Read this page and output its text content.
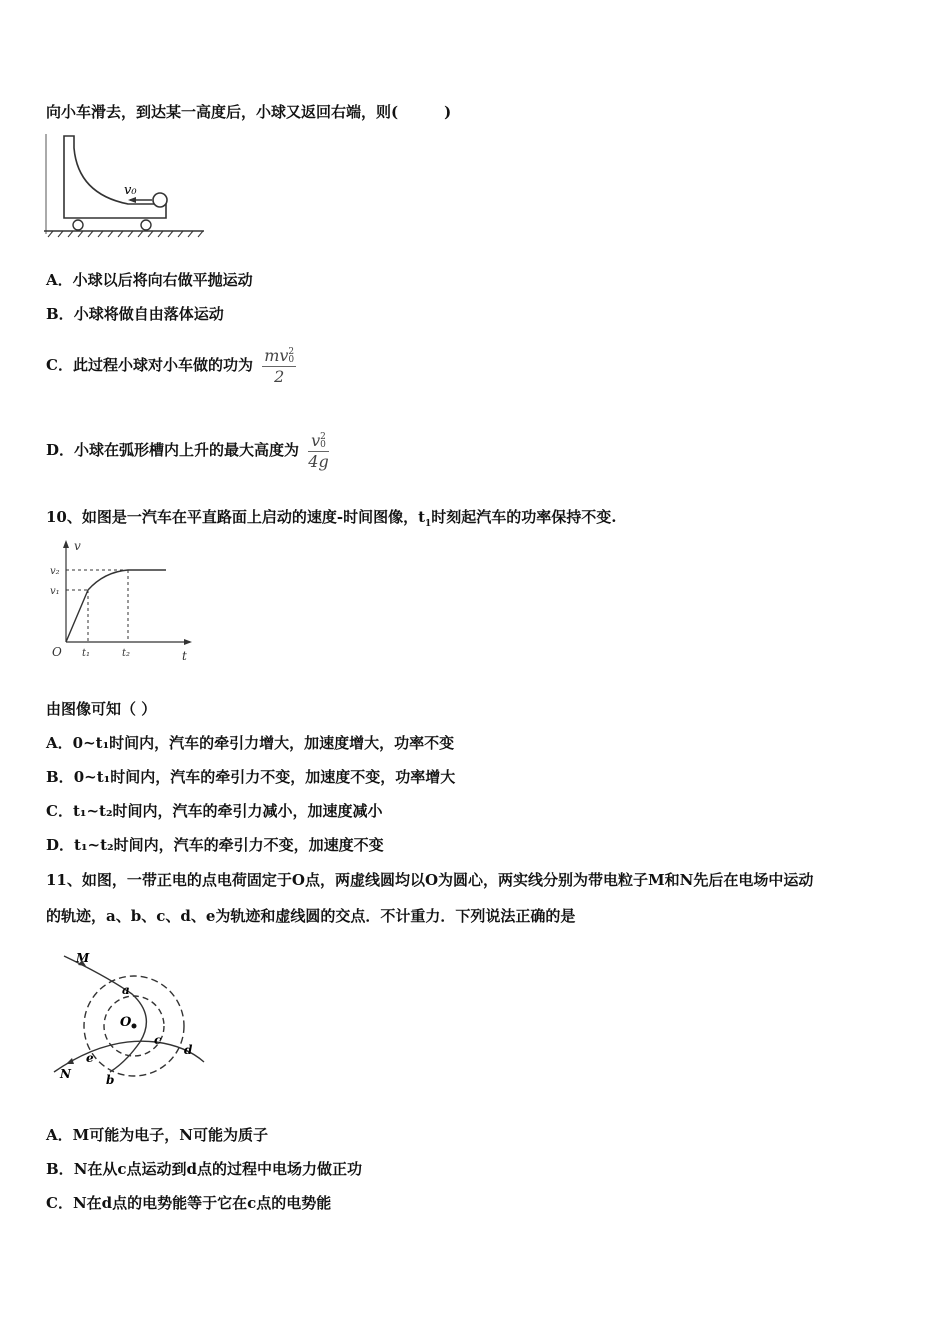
向小车滑去，到达某一高度后，小球又返回右端，则(	)
v₀
A．小球以后将向右做平抛运动
B．小球将做自由落体运动
C．此过程小球对小车做的功为 mv 2
0
2
D．小球在弧形槽内上升的最大高度为 v 2
0
4g
10、如图是一汽车在平直路面上启动的速度-时间图像，$t_1$时刻起汽车的功率保持不变.
v
t
O
v₂
v₁
t₁	t₂
由图像可知（ ）
A．0~t₁时间内，汽车的牵引力增大，加速度增大，功率不变
B．0~t₁时间内，汽车的牵引力不变，加速度不变，功率增大
C．t₁~t₂时间内，汽车的牵引力减小，加速度减小
D．t₁~t₂时间内，汽车的牵引力不变，加速度不变
11、如图，一带正电的点电荷固定于O点，两虚线圆均以O为圆心，两实线分别为带电粒子M和N先后在电场中运动
的轨迹，a、b、c、d、e为轨迹和虚线圆的交点．不计重力．下列说法正确的是
O
M
N
a
b
c
d
e
A．M可能为电子，N可能为质子
B．N在从c点运动到d点的过程中电场力做正功
C．N在d点的电势能等于它在c点的电势能
